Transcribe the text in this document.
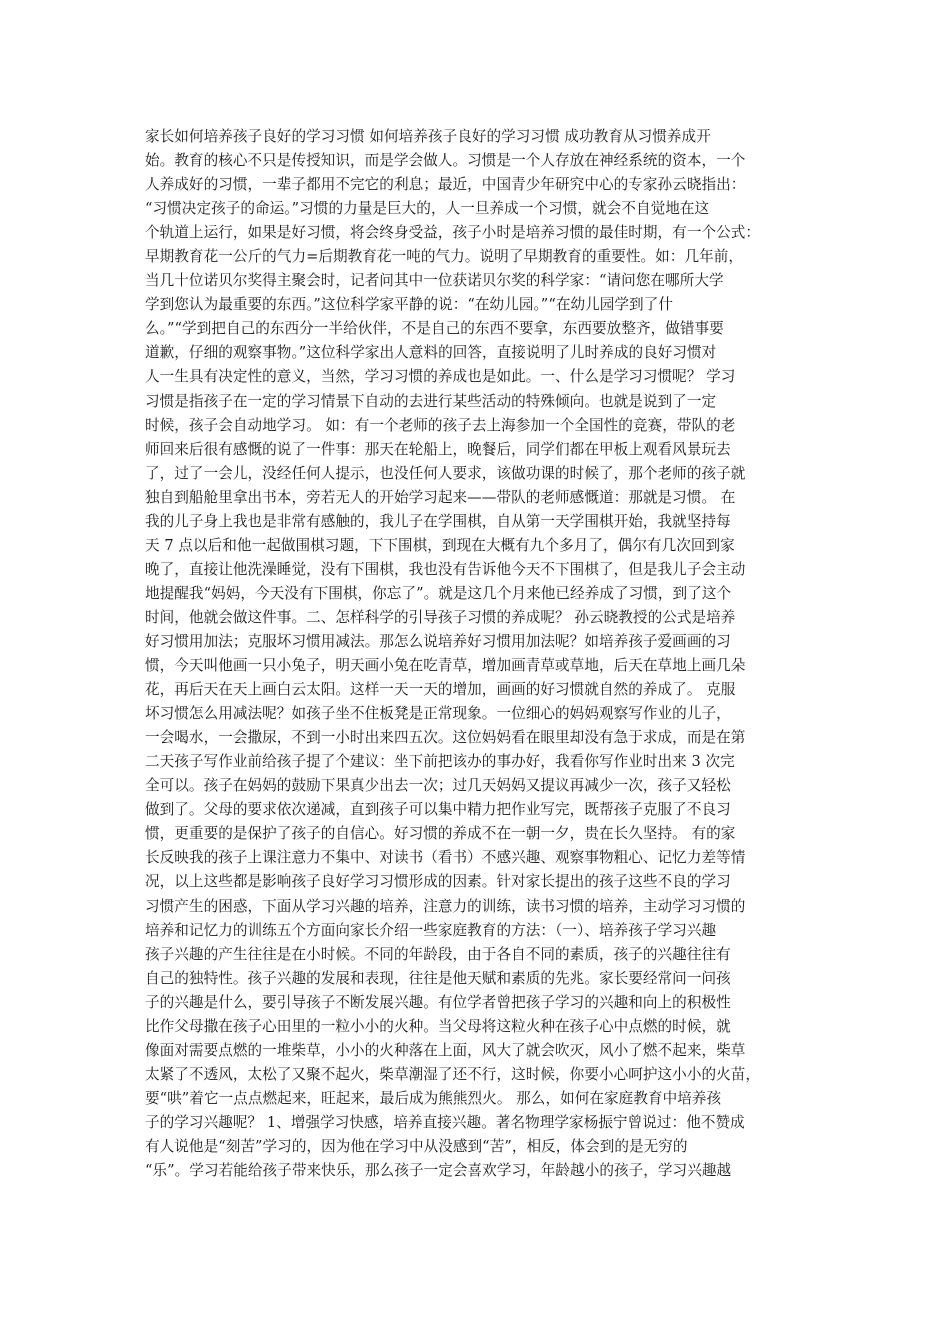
家长如何培养孩子良好的学习习惯 如何培养孩子良好的学习习惯 成功教育从习惯养成开
始。教育的核心不只是传授知识，而是学会做人。习惯是一个人存放在神经系统的资本，一个
人养成好的习惯，一辈子都用不完它的利息；最近，中国青少年研究中心的专家孙云晓指出：
“习惯决定孩子的命运。”习惯的力量是巨大的，人一旦养成一个习惯，就会不自觉地在这
个轨道上运行，如果是好习惯，将会终身受益，孩子小时是培养习惯的最佳时期，有一个公式：
早期教育花一公斤的气力=后期教育花一吨的气力。说明了早期教育的重要性。如：几年前，
当几十位诺贝尔奖得主聚会时，记者问其中一位获诺贝尔奖的科学家：“请问您在哪所大学
学到您认为最重要的东西。”这位科学家平静的说：“在幼儿园。”“在幼儿园学到了什
么。”“学到把自己的东西分一半给伙伴，不是自己的东西不要拿，东西要放整齐，做错事要
道歉，仔细的观察事物。”这位科学家出人意料的回答，直接说明了儿时养成的良好习惯对
人一生具有决定性的意义，当然，学习习惯的养成也是如此。一、什么是学习习惯呢？ 学习
习惯是指孩子在一定的学习情景下自动的去进行某些活动的特殊倾向。也就是说到了一定
时候，孩子会自动地学习。 如：有一个老师的孩子去上海参加一个全国性的竞赛，带队的老
师回来后很有感慨的说了一件事：那天在轮船上，晚餐后，同学们都在甲板上观看风景玩去
了，过了一会儿，没经任何人提示，也没任何人要求，该做功课的时候了，那个老师的孩子就
独自到船舱里拿出书本，旁若无人的开始学习起来——带队的老师感慨道：那就是习惯。 在
我的儿子身上我也是非常有感触的，我儿子在学围棋，自从第一天学围棋开始，我就坚持每
天 7 点以后和他一起做围棋习题，下下围棋，到现在大概有九个多月了，偶尔有几次回到家
晚了，直接让他洗澡睡觉，没有下围棋，我也没有告诉他今天不下围棋了，但是我儿子会主动
地提醒我“妈妈，今天没有下围棋，你忘了”。就是这几个月来他已经养成了习惯，到了这个
时间，他就会做这件事。二、怎样科学的引导孩子习惯的养成呢？ 孙云晓教授的公式是培养
好习惯用加法；克服坏习惯用减法。那怎么说培养好习惯用加法呢？如培养孩子爱画画的习
惯，今天叫他画一只小兔子，明天画小兔在吃青草，增加画青草或草地，后天在草地上画几朵
花，再后天在天上画白云太阳。这样一天一天的增加，画画的好习惯就自然的养成了。 克服
坏习惯怎么用减法呢？如孩子坐不住板凳是正常现象。一位细心的妈妈观察写作业的儿子，
一会喝水，一会撒尿，不到一小时出来四五次。这位妈妈看在眼里却没有急于求成，而是在第
二天孩子写作业前给孩子提了个建议：坐下前把该办的事办好，我看你写作业时出来 3 次完
全可以。孩子在妈妈的鼓励下果真少出去一次；过几天妈妈又提议再减少一次，孩子又轻松
做到了。父母的要求依次递减，直到孩子可以集中精力把作业写完，既帮孩子克服了不良习
惯，更重要的是保护了孩子的自信心。好习惯的养成不在一朝一夕，贵在长久坚持。 有的家
长反映我的孩子上课注意力不集中、对读书（看书）不感兴趣、观察事物粗心、记忆力差等情
况，以上这些都是影响孩子良好学习习惯形成的因素。针对家长提出的孩子这些不良的学习
习惯产生的困惑，下面从学习兴趣的培养，注意力的训练，读书习惯的培养，主动学习习惯的
培养和记忆力的训练五个方面向家长介绍一些家庭教育的方法：（一）、培养孩子学习兴趣
孩子兴趣的产生往往是在小时候。不同的年龄段，由于各自不同的素质，孩子的兴趣往往有
自己的独特性。孩子兴趣的发展和表现，往往是他天赋和素质的先兆。家长要经常问一问孩
子的兴趣是什么，要引导孩子不断发展兴趣。有位学者曾把孩子学习的兴趣和向上的积极性
比作父母撒在孩子心田里的一粒小小的火种。当父母将这粒火种在孩子心中点燃的时候，就
像面对需要点燃的一堆柴草，小小的火种落在上面，风大了就会吹灭，风小了燃不起来，柴草
太紧了不透风，太松了又聚不起火，柴草潮湿了还不行，这时候，你要小心呵护这小小的火苗，
要“哄”着它一点点燃起来，旺起来，最后成为熊熊烈火。 那么，如何在家庭教育中培养孩
子的学习兴趣呢？ 1、增强学习快感，培养直接兴趣。著名物理学家杨振宁曾说过：他不赞成
有人说他是“刻苦”学习的，因为他在学习中从没感到“苦”，相反，体会到的是无穷的
“乐”。学习若能给孩子带来快乐，那么孩子一定会喜欢学习，年龄越小的孩子，学习兴趣越
